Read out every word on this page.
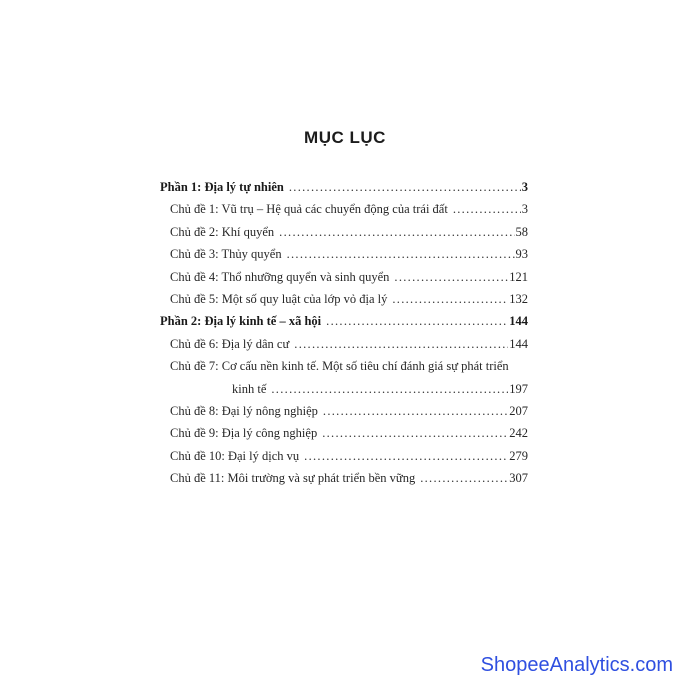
MỤC LỤC
Phần 1: Địa lý tự nhiên .....	3
Chủ đề 1: Vũ trụ – Hệ quả các chuyển động của trái đất .....	3
Chủ đề 2: Khí quyển .....	58
Chủ đề 3: Thủy quyển .....	93
Chủ đề 4: Thổ nhưỡng quyển và sinh quyển .....	121
Chủ đề 5: Một số quy luật của lớp vỏ địa lý .....	132
Phần 2: Địa lý kinh tế – xã hội .....	144
Chủ đề 6: Địa lý dân cư .....	144
Chủ đề 7: Cơ cấu nền kinh tế. Một số tiêu chí đánh giá sự phát triển
kinh tế .....	197
Chủ đề 8: Đại lý nông nghiệp .....	207
Chủ đề 9: Địa lý công nghiệp .....	242
Chủ đề 10: Đại lý dịch vụ .....	279
Chủ đề 11: Môi trường và sự phát triển bền vững .....	307
ShopeeAnalytics.com
